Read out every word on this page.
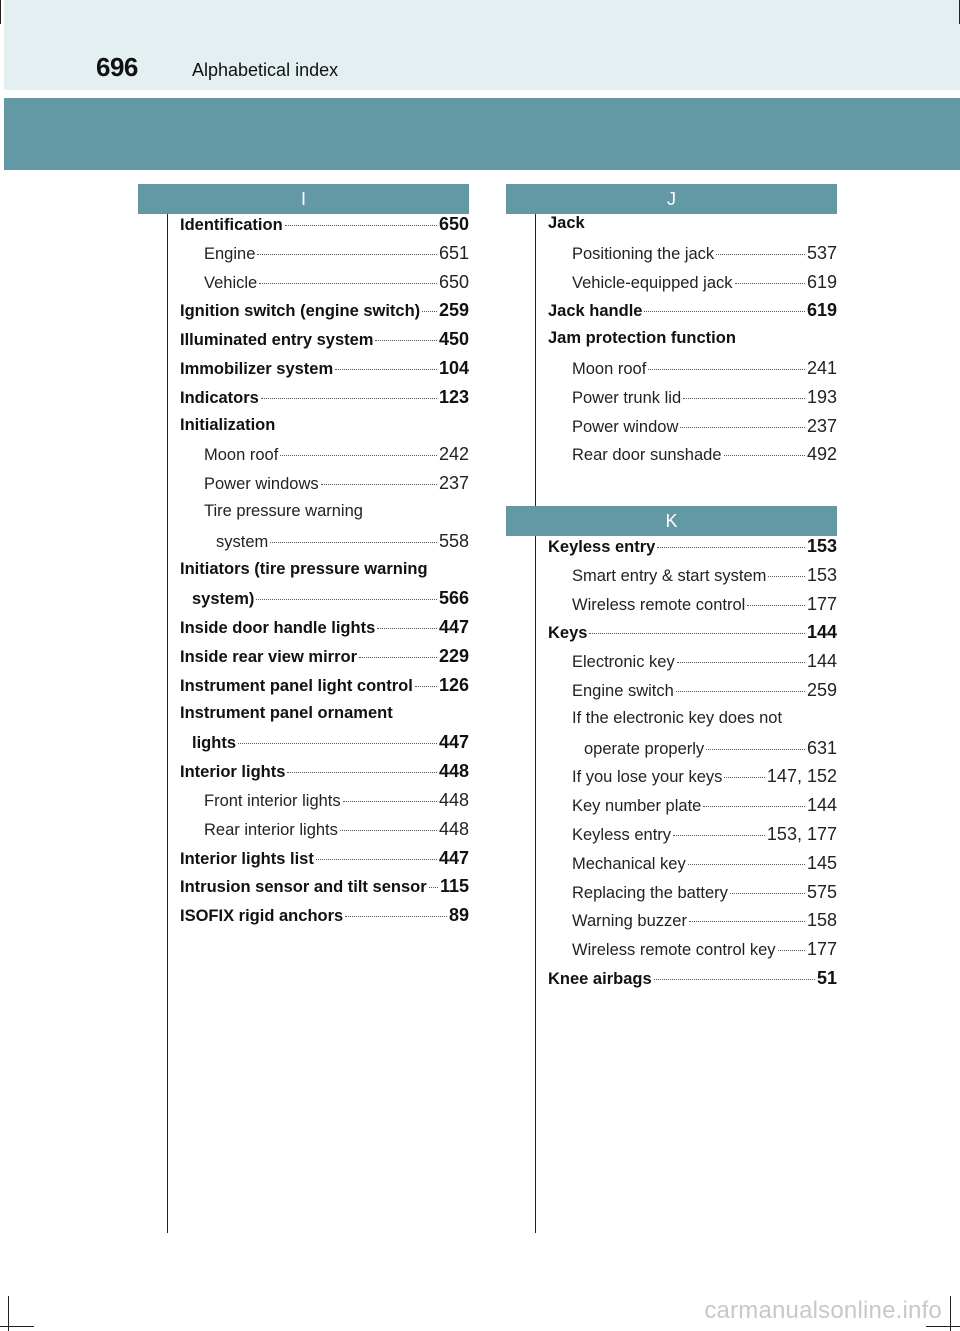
696	Alphabetical index
I	J
K
Identification	650
Engine	651
Vehicle	650
Ignition switch (engine switch) 259
Illuminated entry system	450
Immobilizer system	104
Indicators	123
Initialization
Moon roof	242
Power windows	237
Tire pressure warning
system	558
Initiators (tire pressure warning
system)	566
Inside door handle lights	447
Inside rear view mirror	229
Instrument panel light control 126
Instrument panel ornament
lights	447
Interior lights	448
Front interior lights	448
Rear interior lights	448
Interior lights list	447
Intrusion sensor and tilt sensor 115
ISOFIX rigid anchors	89
Jack
Positioning the jack	537
Vehicle-equipped jack	619
Jack handle	619
Jam protection function
Moon roof	241
Power trunk lid	193
Power window	237
Rear door sunshade	492
Keyless entry	153
Smart entry & start system 153
Wireless remote control	177
Keys	144
Electronic key	144
Engine switch	259
If the electronic key does not
operate properly	631
If you lose your keys 147, 152
Key number plate	144
Keyless entry	153, 177
Mechanical key	145
Replacing the battery	575
Warning buzzer	158
Wireless remote control key 177
Knee airbags	51
carmanualsonline.info
